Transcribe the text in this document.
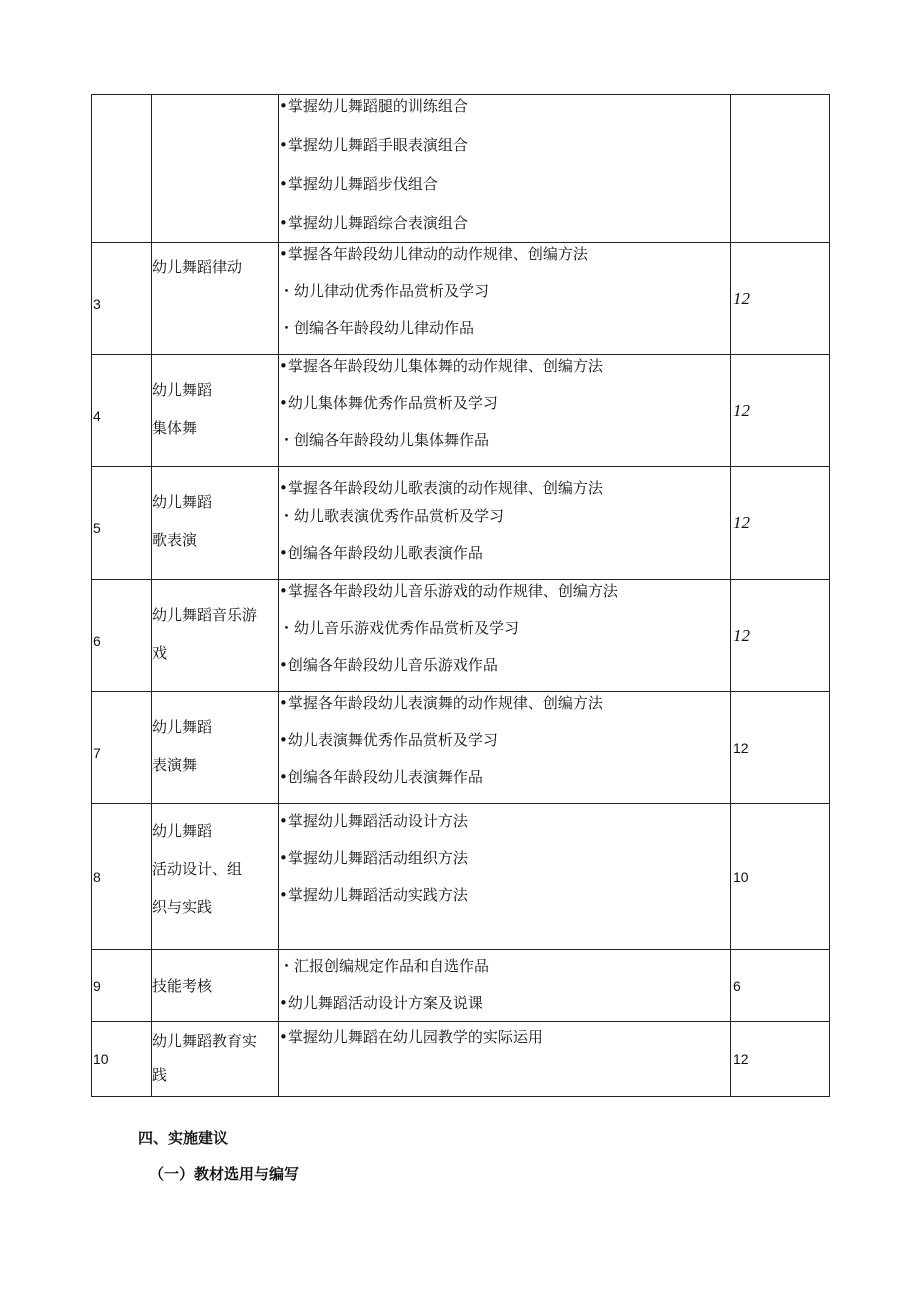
		•掌握幼儿舞蹈腿的训练组合
•掌握幼儿舞蹈手眼表演组合
•掌握幼儿舞蹈步伐组合
•掌握幼儿舞蹈综合表演组合	

3	幼儿舞蹈律动	•掌握各年龄段幼儿律动的动作规律、创编方法
・幼儿律动优秀作品赏析及学习
・创编各年龄段幼儿律动作品	12
4	幼儿舞蹈
集体舞	•掌握各年龄段幼儿集体舞的动作规律、创编方法
•幼儿集体舞优秀作品赏析及学习
・创编各年龄段幼儿集体舞作品	12
5	幼儿舞蹈
歌表演	•掌握各年龄段幼儿歌表演的动作规律、创编方法
・幼儿歌表演优秀作品赏析及学习
•创编各年龄段幼儿歌表演作品	12
6	幼儿舞蹈音乐游
戏	•掌握各年龄段幼儿音乐游戏的动作规律、创编方法
・幼儿音乐游戏优秀作品赏析及学习
•创编各年龄段幼儿音乐游戏作品	12
7	幼儿舞蹈
表演舞	•掌握各年龄段幼儿表演舞的动作规律、创编方法
•幼儿表演舞优秀作品赏析及学习
•创编各年龄段幼儿表演舞作品	12
8	幼儿舞蹈
活动设计、组
织与实践	•掌握幼儿舞蹈活动设计方法
•掌握幼儿舞蹈活动组织方法
•掌握幼儿舞蹈活动实践方法	10
9	技能考核	・汇报创编规定作品和自选作品
•幼儿舞蹈活动设计方案及说课	6
10	幼儿舞蹈教育实
践	•掌握幼儿舞蹈在幼儿园教学的实际运用	12
四、实施建议
（一）教材选用与编写
